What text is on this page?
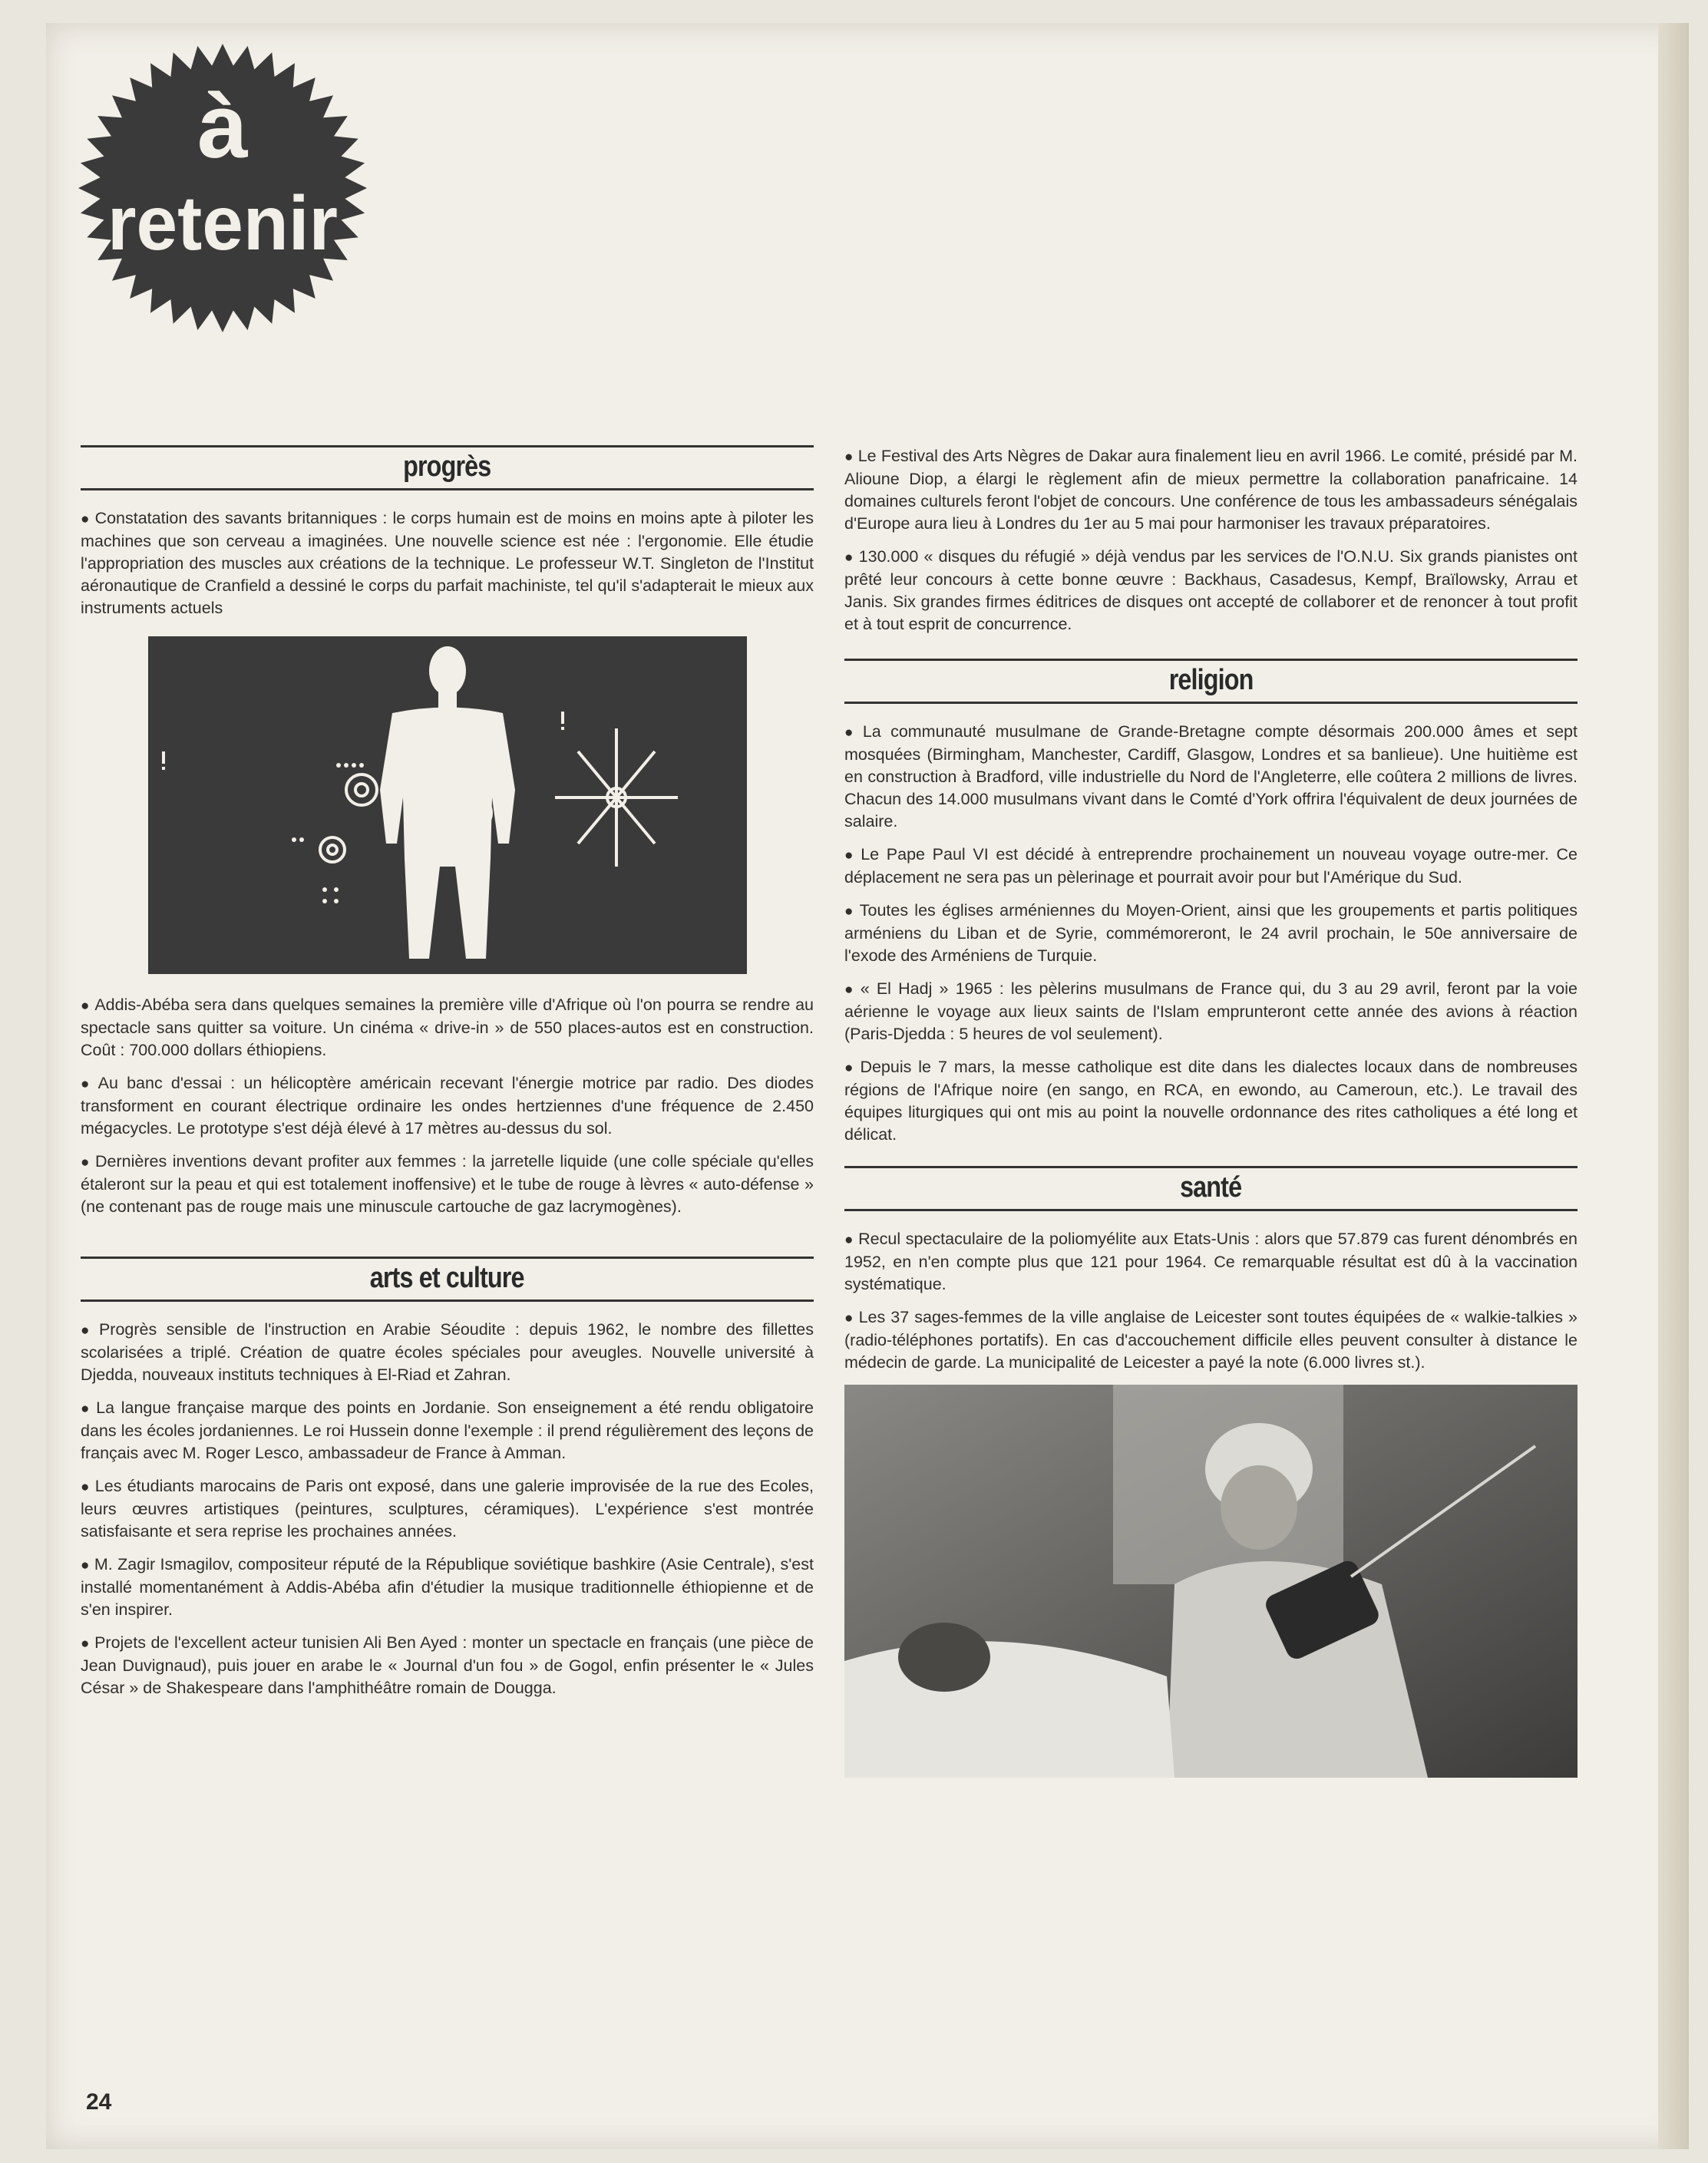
à
retenir
progrès

● Constatation des savants britanniques : le corps humain est de moins en moins apte à piloter les machines que son cerveau a imaginées. Une nouvelle science est née : l'ergonomie. Elle étudie l'appropriation des muscles aux créations de la technique. Le professeur W.T. Singleton de l'Institut aéronautique de Cranfield a dessiné le corps du parfait machiniste, tel qu'il s'adapterait le mieux aux instruments actuels

● Addis-Abéba sera dans quelques semaines la première ville d'Afrique où l'on pourra se rendre au spectacle sans quitter sa voiture. Un cinéma « drive-in » de 550 places-autos est en construction. Coût : 700.000 dollars éthiopiens.

● Au banc d'essai : un hélicoptère américain recevant l'énergie motrice par radio. Des diodes transforment en courant électrique ordinaire les ondes hertziennes d'une fréquence de 2.450 mégacycles. Le prototype s'est déjà élevé à 17 mètres au-dessus du sol.

● Dernières inventions devant profiter aux femmes : la jarretelle liquide (une colle spéciale qu'elles étaleront sur la peau et qui est totalement inoffensive) et le tube de rouge à lèvres « auto-défense » (ne contenant pas de rouge mais une minuscule cartouche de gaz lacrymogènes).

arts et culture

● Progrès sensible de l'instruction en Arabie Séoudite : depuis 1962, le nombre des fillettes scolarisées a triplé. Création de quatre écoles spéciales pour aveugles. Nouvelle université à Djedda, nouveaux instituts techniques à El-Riad et Zahran.

● La langue française marque des points en Jordanie. Son enseignement a été rendu obligatoire dans les écoles jordaniennes. Le roi Hussein donne l'exemple : il prend régulièrement des leçons de français avec M. Roger Lesco, ambassadeur de France à Amman.

● Les étudiants marocains de Paris ont exposé, dans une galerie improvisée de la rue des Ecoles, leurs œuvres artistiques (peintures, sculptures, céramiques). L'expérience s'est montrée satisfaisante et sera reprise les prochaines années.

● M. Zagir Ismagilov, compositeur réputé de la République soviétique bashkire (Asie Centrale), s'est installé momentanément à Addis-Abéba afin d'étudier la musique traditionnelle éthiopienne et de s'en inspirer.

● Projets de l'excellent acteur tunisien Ali Ben Ayed : monter un spectacle en français (une pièce de Jean Duvignaud), puis jouer en arabe le « Journal d'un fou » de Gogol, enfin présenter le « Jules César » de Shakespeare dans l'amphithéâtre romain de Dougga.

● Le Festival des Arts Nègres de Dakar aura finalement lieu en avril 1966. Le comité, présidé par M. Alioune Diop, a élargi le règlement afin de mieux permettre la collaboration panafricaine. 14 domaines culturels feront l'objet de concours. Une conférence de tous les ambassadeurs sénégalais d'Europe aura lieu à Londres du 1er au 5 mai pour harmoniser les travaux préparatoires.

● 130.000 « disques du réfugié » déjà vendus par les services de l'O.N.U. Six grands pianistes ont prêté leur concours à cette bonne œuvre : Backhaus, Casadesus, Kempf, Braïlowsky, Arrau et Janis. Six grandes firmes éditrices de disques ont accepté de collaborer et de renoncer à tout profit et à tout esprit de concurrence.

religion

● La communauté musulmane de Grande-Bretagne compte désormais 200.000 âmes et sept mosquées (Birmingham, Manchester, Cardiff, Glasgow, Londres et sa banlieue). Une huitième est en construction à Bradford, ville industrielle du Nord de l'Angleterre, elle coûtera 2 millions de livres. Chacun des 14.000 musulmans vivant dans le Comté d'York offrira l'équivalent de deux journées de salaire.

● Le Pape Paul VI est décidé à entreprendre prochainement un nouveau voyage outre-mer. Ce déplacement ne sera pas un pèlerinage et pourrait avoir pour but l'Amérique du Sud.

● Toutes les églises arméniennes du Moyen-Orient, ainsi que les groupements et partis politiques arméniens du Liban et de Syrie, commémoreront, le 24 avril prochain, le 50e anniversaire de l'exode des Arméniens de Turquie.

● « El Hadj » 1965 : les pèlerins musulmans de France qui, du 3 au 29 avril, feront par la voie aérienne le voyage aux lieux saints de l'Islam emprunteront cette année des avions à réaction (Paris-Djedda : 5 heures de vol seulement).

● Depuis le 7 mars, la messe catholique est dite dans les dialectes locaux dans de nombreuses régions de l'Afrique noire (en sango, en RCA, en ewondo, au Cameroun, etc.). Le travail des équipes liturgiques qui ont mis au point la nouvelle ordonnance des rites catholiques a été long et délicat.

santé

● Recul spectaculaire de la poliomyélite aux Etats-Unis : alors que 57.879 cas furent dénombrés en 1952, en n'en compte plus que 121 pour 1964. Ce remarquable résultat est dû à la vaccination systématique.

● Les 37 sages-femmes de la ville anglaise de Leicester sont toutes équipées de « walkie-talkies » (radio-téléphones portatifs). En cas d'accouchement difficile elles peuvent consulter à distance le médecin de garde. La municipalité de Leicester a payé la note (6.000 livres st.).

24
